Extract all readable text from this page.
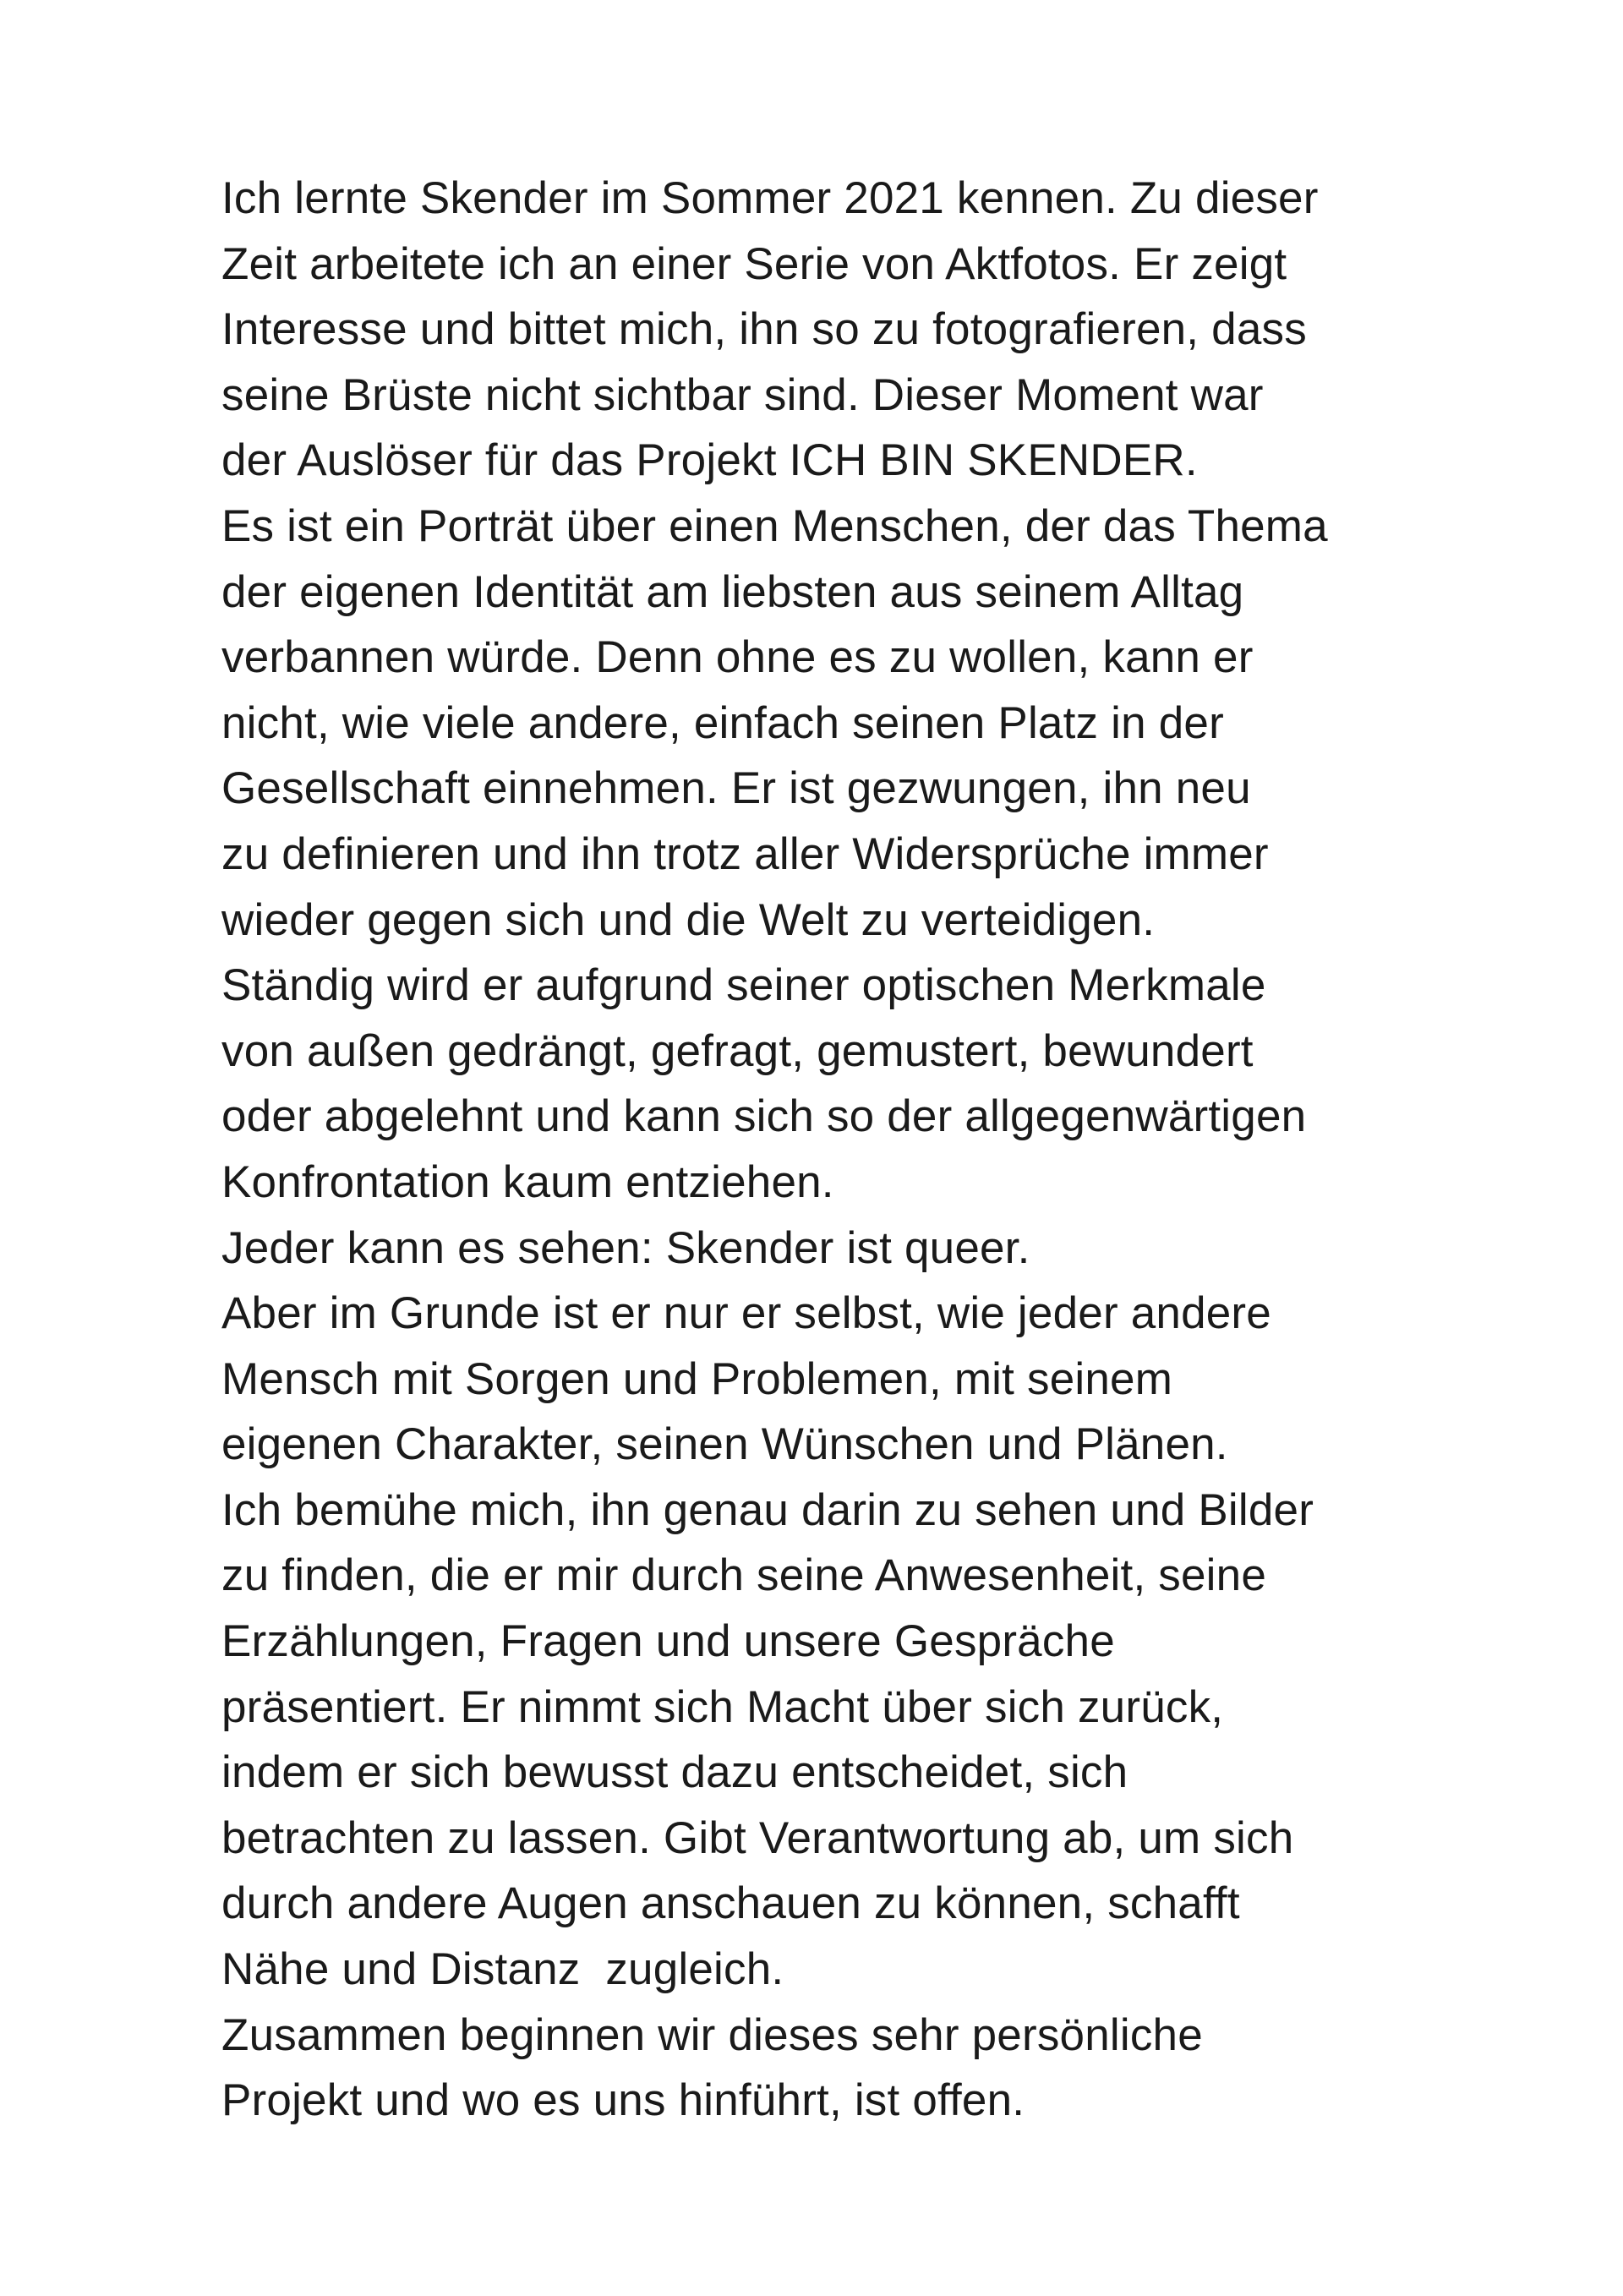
Ich lernte Skender im Sommer 2021 kennen. Zu dieser
Zeit arbeitete ich an einer Serie von Aktfotos. Er zeigt
Interesse und bittet mich, ihn so zu fotografieren, dass
seine Brüste nicht sichtbar sind. Dieser Moment war
der Auslöser für das Projekt ICH BIN SKENDER.
Es ist ein Porträt über einen Menschen, der das Thema
der eigenen Identität am liebsten aus seinem Alltag
verbannen würde. Denn ohne es zu wollen, kann er
nicht, wie viele andere, einfach seinen Platz in der
Gesellschaft einnehmen. Er ist gezwungen, ihn neu
zu definieren und ihn trotz aller Widersprüche immer
wieder gegen sich und die Welt zu verteidigen.
Ständig wird er aufgrund seiner optischen Merkmale
von außen gedrängt, gefragt, gemustert, bewundert
oder abgelehnt und kann sich so der allgegenwärtigen
Konfrontation kaum entziehen.
Jeder kann es sehen: Skender ist queer.
Aber im Grunde ist er nur er selbst, wie jeder andere
Mensch mit Sorgen und Problemen, mit seinem
eigenen Charakter, seinen Wünschen und Plänen.
Ich bemühe mich, ihn genau darin zu sehen und Bilder
zu finden, die er mir durch seine Anwesenheit, seine
Erzählungen, Fragen und unsere Gespräche
präsentiert. Er nimmt sich Macht über sich zurück,
indem er sich bewusst dazu entscheidet, sich
betrachten zu lassen. Gibt Verantwortung ab, um sich
durch andere Augen anschauen zu können, schafft
Nähe und Distanz  zugleich.
Zusammen beginnen wir dieses sehr persönliche
Projekt und wo es uns hinführt, ist offen.
